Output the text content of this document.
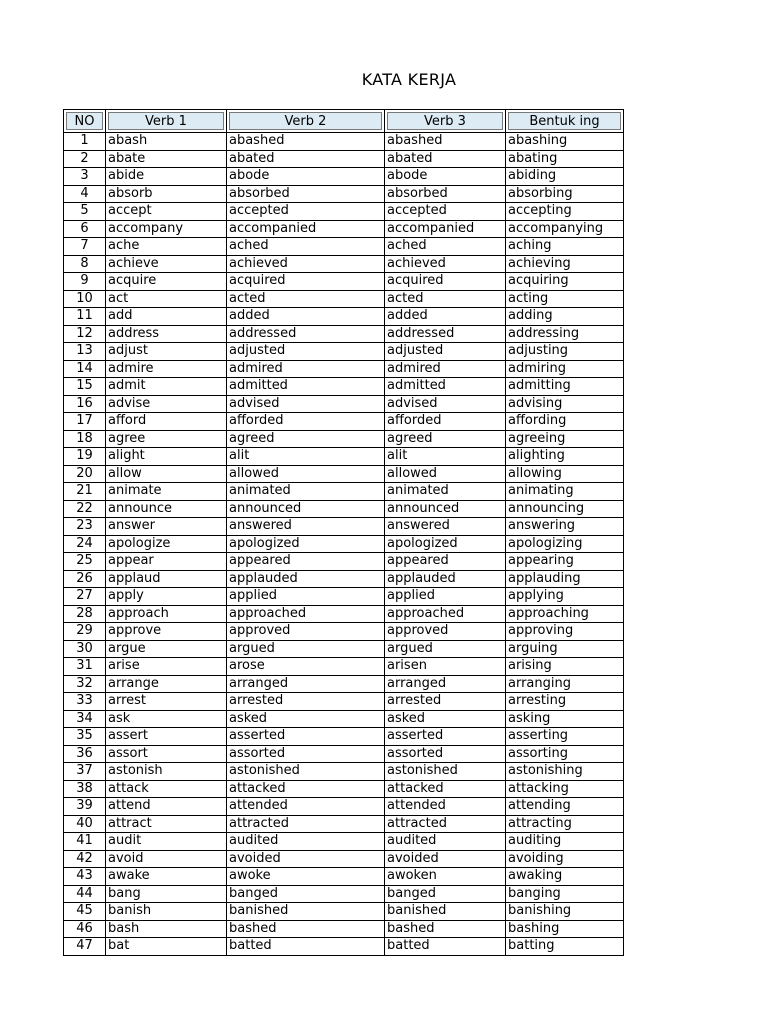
KATA KERJA
NO	Verb 1	Verb 2	Verb 3	Bentuk ing
1	abash	abashed	abashed	abashing
2	abate	abated	abated	abating
3	abide	abode	abode	abiding
4	absorb	absorbed	absorbed	absorbing
5	accept	accepted	accepted	accepting
6	accompany	accompanied	accompanied	accompanying
7	ache	ached	ached	aching
8	achieve	achieved	achieved	achieving
9	acquire	acquired	acquired	acquiring
10	act	acted	acted	acting
11	add	added	added	adding
12	address	addressed	addressed	addressing
13	adjust	adjusted	adjusted	adjusting
14	admire	admired	admired	admiring
15	admit	admitted	admitted	admitting
16	advise	advised	advised	advising
17	afford	afforded	afforded	affording
18	agree	agreed	agreed	agreeing
19	alight	alit	alit	alighting
20	allow	allowed	allowed	allowing
21	animate	animated	animated	animating
22	announce	announced	announced	announcing
23	answer	answered	answered	answering
24	apologize	apologized	apologized	apologizing
25	appear	appeared	appeared	appearing
26	applaud	applauded	applauded	applauding
27	apply	applied	applied	applying
28	approach	approached	approached	approaching
29	approve	approved	approved	approving
30	argue	argued	argued	arguing
31	arise	arose	arisen	arising
32	arrange	arranged	arranged	arranging
33	arrest	arrested	arrested	arresting
34	ask	asked	asked	asking
35	assert	asserted	asserted	asserting
36	assort	assorted	assorted	assorting
37	astonish	astonished	astonished	astonishing
38	attack	attacked	attacked	attacking
39	attend	attended	attended	attending
40	attract	attracted	attracted	attracting
41	audit	audited	audited	auditing
42	avoid	avoided	avoided	avoiding
43	awake	awoke	awoken	awaking
44	bang	banged	banged	banging
45	banish	banished	banished	banishing
46	bash	bashed	bashed	bashing
47	bat	batted	batted	batting
